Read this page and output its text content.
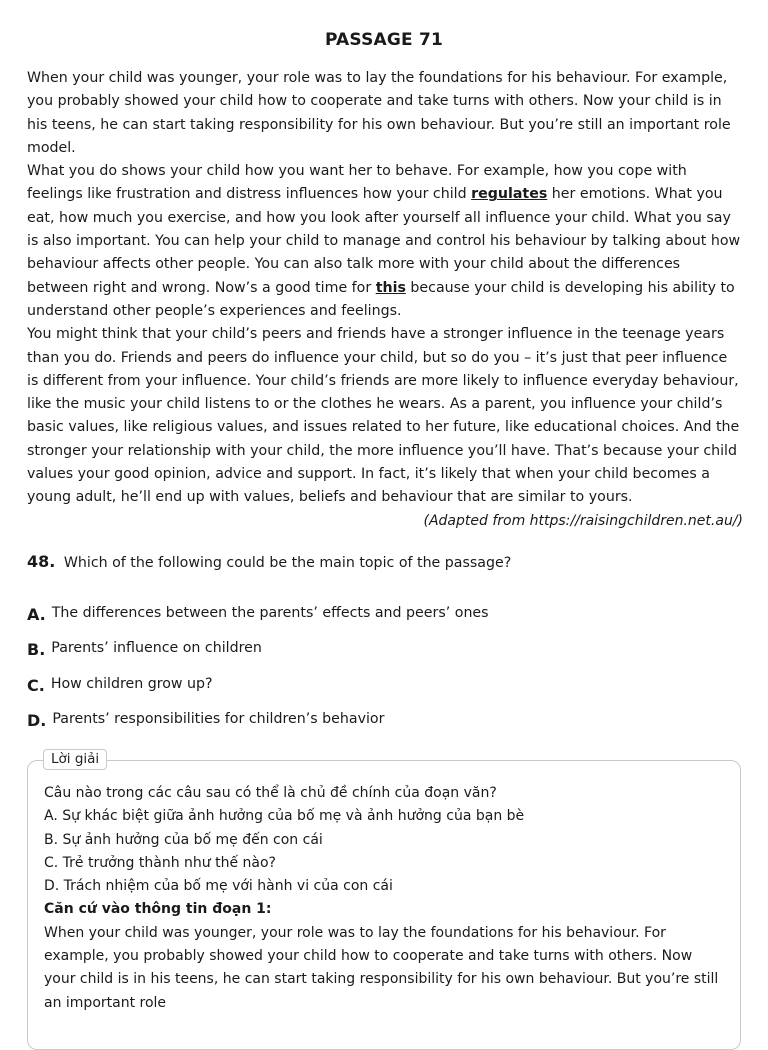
PASSAGE 71

When your child was younger, your role was to lay the foundations for his behaviour. For example, you probably showed your child how to cooperate and take turns with others. Now your child is in his teens, he can start taking responsibility for his own behaviour. But you’re still an important role model.

What you do shows your child how you want her to behave. For example, how you cope with feelings like frustration and distress influences how your child regulates her emotions. What you eat, how much you exercise, and how you look after yourself all influence your child. What you say is also important. You can help your child to manage and control his behaviour by talking about how behaviour affects other people. You can also talk more with your child about the differences between right and wrong. Now’s a good time for this because your child is developing his ability to understand other people’s experiences and feelings.

You might think that your child’s peers and friends have a stronger influence in the teenage years than you do. Friends and peers do influence your child, but so do you – it’s just that peer influence is different from your influence. Your child’s friends are more likely to influence everyday behaviour, like the music your child listens to or the clothes he wears. As a parent, you influence your child’s basic values, like religious values, and issues related to her future, like educational choices. And the stronger your relationship with your child, the more influence you’ll have. That’s because your child values your good opinion, advice and support. In fact, it’s likely that when your child becomes a young adult, he’ll end up with values, beliefs and behaviour that are similar to yours.

(Adapted from https://raisingchildren.net.au/)

48. Which of the following could be the main topic of the passage?
A. The differences between the parents’ effects and peers’ ones
B. Parents’ influence on children
C. How children grow up?
D. Parents’ responsibilities for children’s behavior
Lời giải

Câu nào trong các câu sau có thể là chủ đề chính của đoạn văn?

A. Sự khác biệt giữa ảnh hưởng của bố mẹ và ảnh hưởng của bạn bè

B. Sự ảnh hưởng của bố mẹ đến con cái

C. Trẻ trưởng thành như thế nào?

D. Trách nhiệm của bố mẹ với hành vi của con cái

Căn cứ vào thông tin đoạn 1:

When your child was younger, your role was to lay the foundations for his behaviour. For example, you probably showed your child how to cooperate and take turns with others. Now your child is in his teens, he can start taking responsibility for his own behaviour. But you’re still an important role
